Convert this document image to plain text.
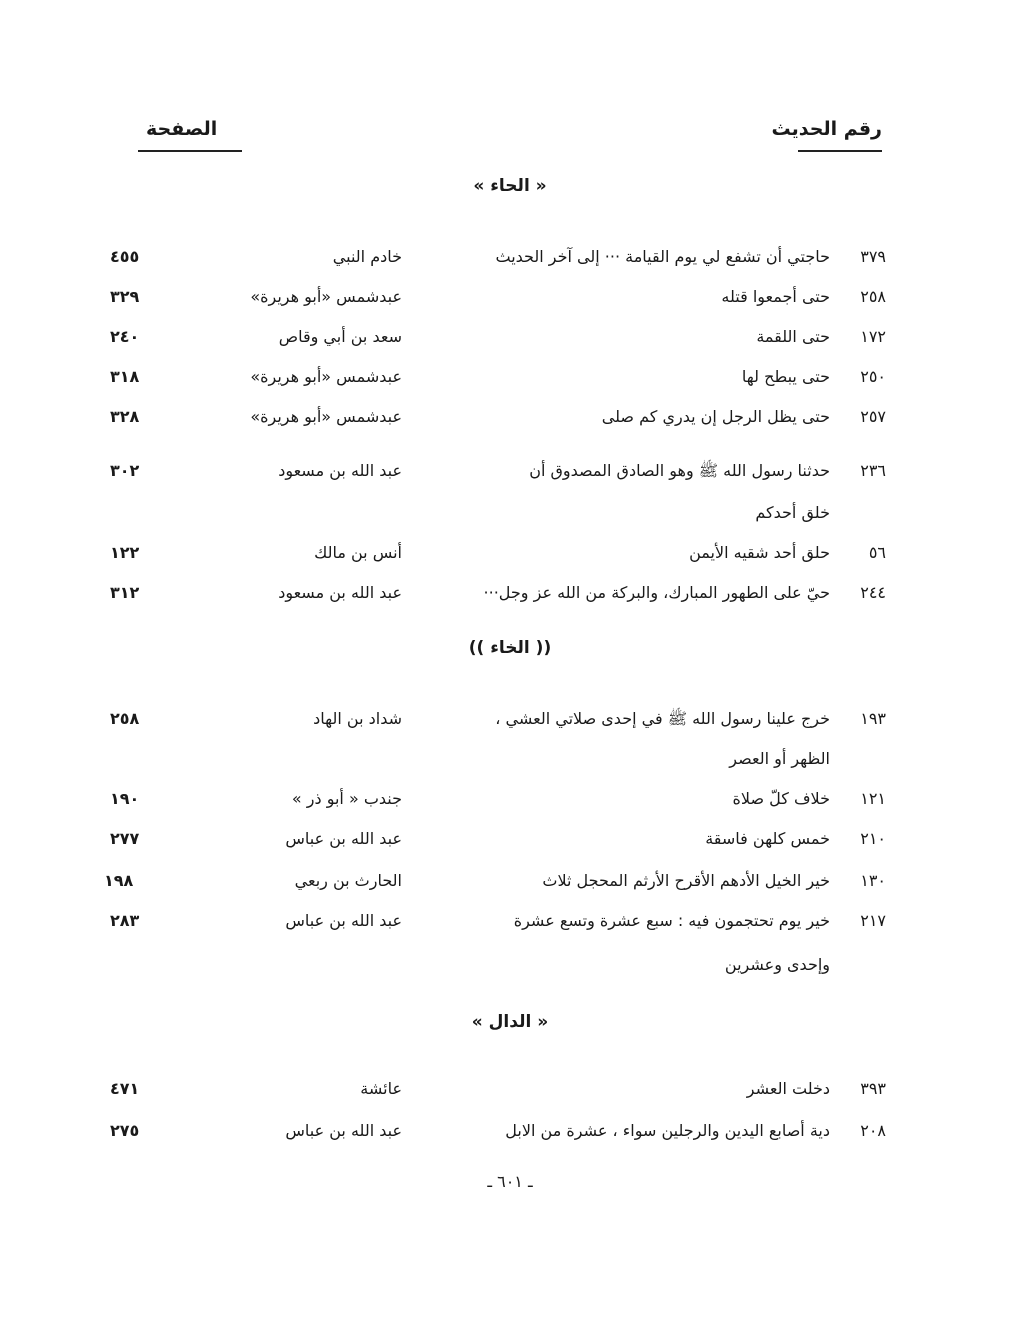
رقم الحديث
الصفحة
« الحاء »
٣٧٩
حاجتي أن تشفع لي يوم القيامة ··· إلى آخر الحديث
خادم النبي
٤٥٥
٢٥٨
حتى أجمعوا قتله
عبدشمس «أبو هريرة»
٣٢٩
١٧٢
حتى اللقمة
سعد بن أبي وقاص
٢٤٠
٢٥٠
حتى يبطح لها
عبدشمس «أبو هريرة»
٣١٨
٢٥٧
حتى يظل الرجل إن يدري كم صلى
عبدشمس «أبو هريرة»
٣٢٨
٢٣٦
حدثنا رسول الله ﷺ وهو الصادق المصدوق أن
عبد الله بن مسعود
٣٠٢
خلق أحدكم
٥٦
حلق أحد شقيه الأيمن
أنس بن مالك
١٢٢
٢٤٤
حيّ على الطهور المبارك، والبركة من الله عز وجل···
عبد الله بن مسعود
٣١٢
(( الخاء ))
١٩٣
خرج علينا رسول الله ﷺ في إحدى صلاتي العشي ،
شداد بن الهاد
٢٥٨
الظهر أو العصر
١٢١
خلاف كلّ صلاة
جندب « أبو ذر »
١٩٠
٢١٠
خمس كلهن فاسقة
عبد الله بن عباس
٢٧٧
١٣٠
خير الخيل الأدهم الأقرح الأرثم المحجل ثلاث
الحارث بن ربعي
١٩٨
٢١٧
خير يوم تحتجمون فيه : سبع عشرة وتسع عشرة
عبد الله بن عباس
٢٨٣
وإحدى وعشرين
« الدال »
٣٩٣
دخلت العشر
عائشة
٤٧١
٢٠٨
دية أصابع اليدين والرجلين سواء ، عشرة من الابل
عبد الله بن عباس
٢٧٥
ـ ٦٠١ ـ
